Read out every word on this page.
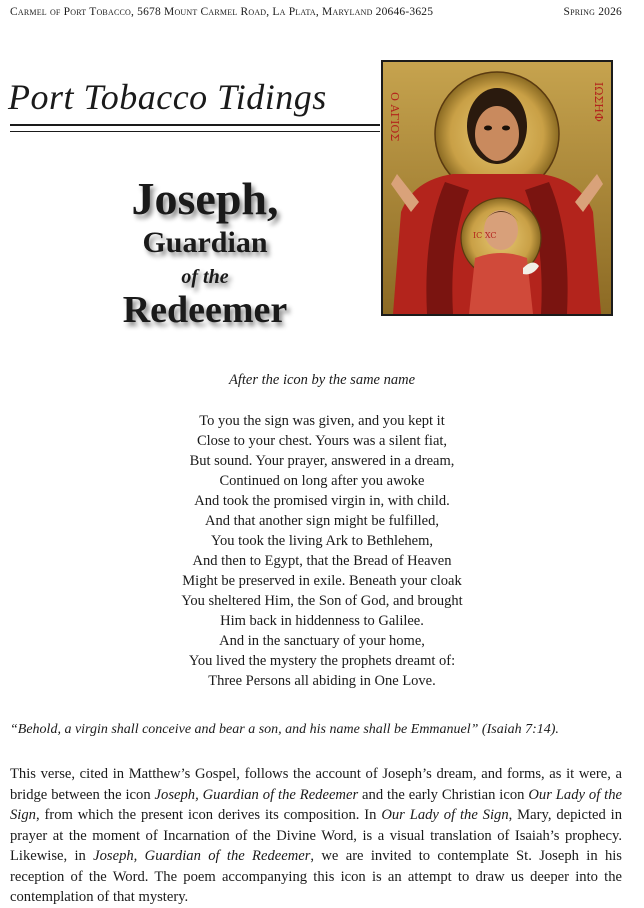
Carmel of Port Tobacco, 5678 Mount Carmel Road, La Plata, Maryland 20646-3625	Spring 2026
Port Tobacco Tidings	Ο ΑΓΙΟΣ	ΙΩΣΗΦ
IC XC
Joseph,
Guardian
of the
Redeemer
After the icon by the same name
To you the sign was given, and you kept it
Close to your chest. Yours was a silent fiat,
But sound. Your prayer, answered in a dream,
Continued on long after you awoke
And took the promised virgin in, with child.
And that another sign might be fulfilled,
You took the living Ark to Bethlehem,
And then to Egypt, that the Bread of Heaven
Might be preserved in exile. Beneath your cloak
You sheltered Him, the Son of God, and brought
Him back in hiddenness to Galilee.
And in the sanctuary of your home,
You lived the mystery the prophets dreamt of:
Three Persons all abiding in One Love.
“Behold, a virgin shall conceive and bear a son, and his name shall be Emmanuel” (Isaiah 7:14).
This verse, cited in Matthew’s Gospel, follows the account of Joseph’s dream, and forms, as it were, a bridge between the icon Joseph, Guardian of the Redeemer and the early Christian icon Our Lady of the Sign, from which the present icon derives its composition. In Our Lady of the Sign, Mary, depicted in prayer at the moment of Incarnation of the Divine Word, is a visual translation of Isaiah’s prophecy. Likewise, in Joseph, Guardian of the Redeemer, we are invited to contemplate St. Joseph in his reception of the Word. The poem accompanying this icon is an attempt to draw us deeper into the contemplation of that mystery.
